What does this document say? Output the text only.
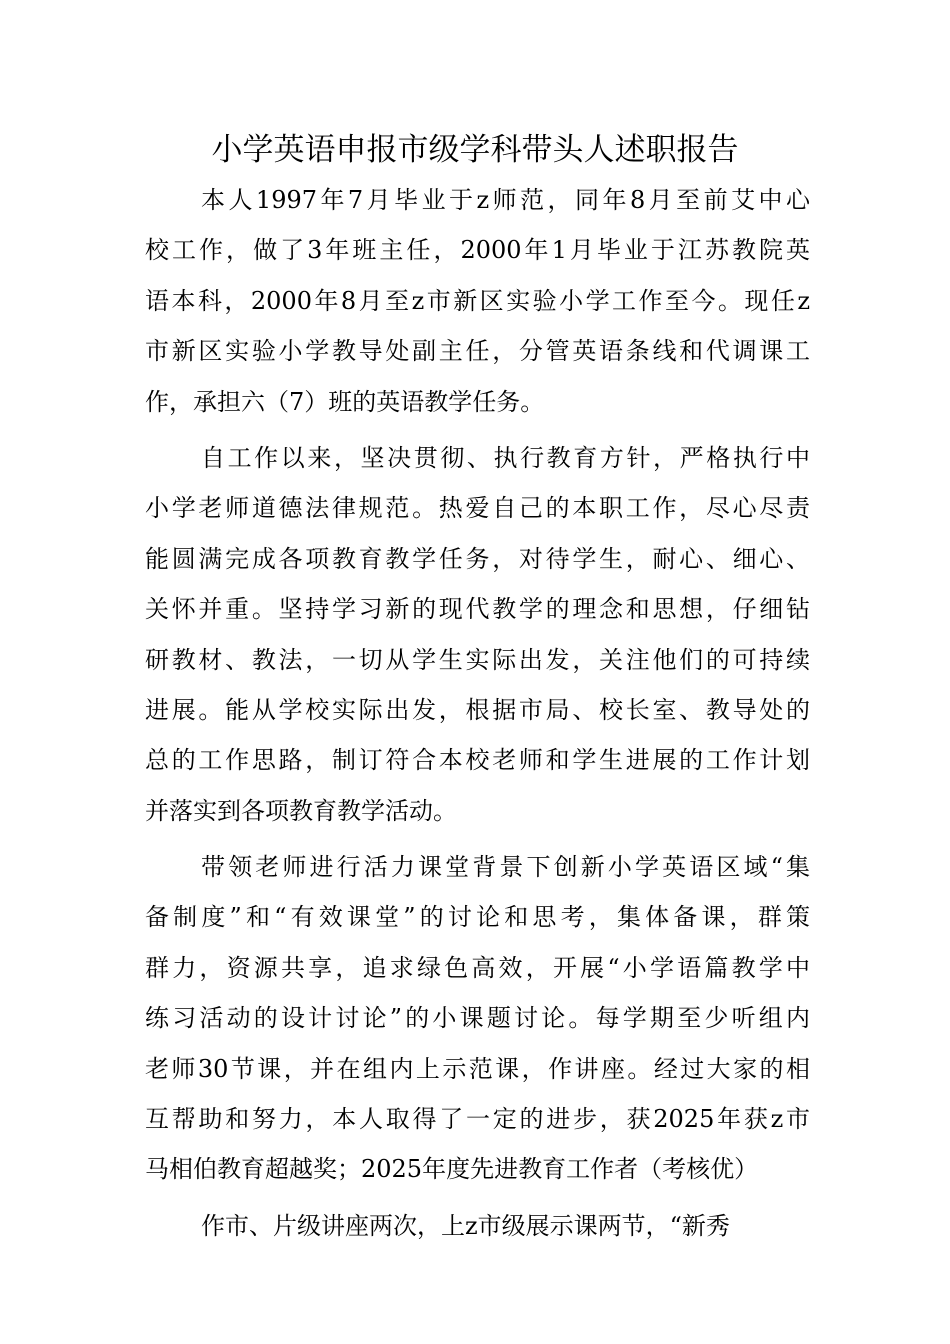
小学英语申报市级学科带头人述职报告

本人1997年7月毕业于z师范，同年8月至前艾中心
校工作，做了3年班主任，2000年1月毕业于江苏教院英
语本科，2000年8月至z市新区实验小学工作至今。现任z
市新区实验小学教导处副主任，分管英语条线和代调课工
作，承担六（7）班的英语教学任务。

自工作以来，坚决贯彻、执行教育方针，严格执行中
小学老师道德法律规范。热爱自己的本职工作，尽心尽责
能圆满完成各项教育教学任务，对待学生，耐心、细心、
关怀并重。坚持学习新的现代教学的理念和思想，仔细钻
研教材、教法，一切从学生实际出发，关注他们的可持续
进展。能从学校实际出发，根据市局、校长室、教导处的
总的工作思路，制订符合本校老师和学生进展的工作计划
并落实到各项教育教学活动。

带领老师进行活力课堂背景下创新小学英语区域“集
备制度”和“有效课堂”的讨论和思考，集体备课，群策
群力，资源共享，追求绿色高效，开展“小学语篇教学中
练习活动的设计讨论”的小课题讨论。每学期至少听组内
老师30节课，并在组内上示范课，作讲座。经过大家的相
互帮助和努力，本人取得了一定的进步，获2025年获z市
马相伯教育超越奖；2025年度先进教育工作者（考核优）

作市、片级讲座两次，上z市级展示课两节，“新秀
